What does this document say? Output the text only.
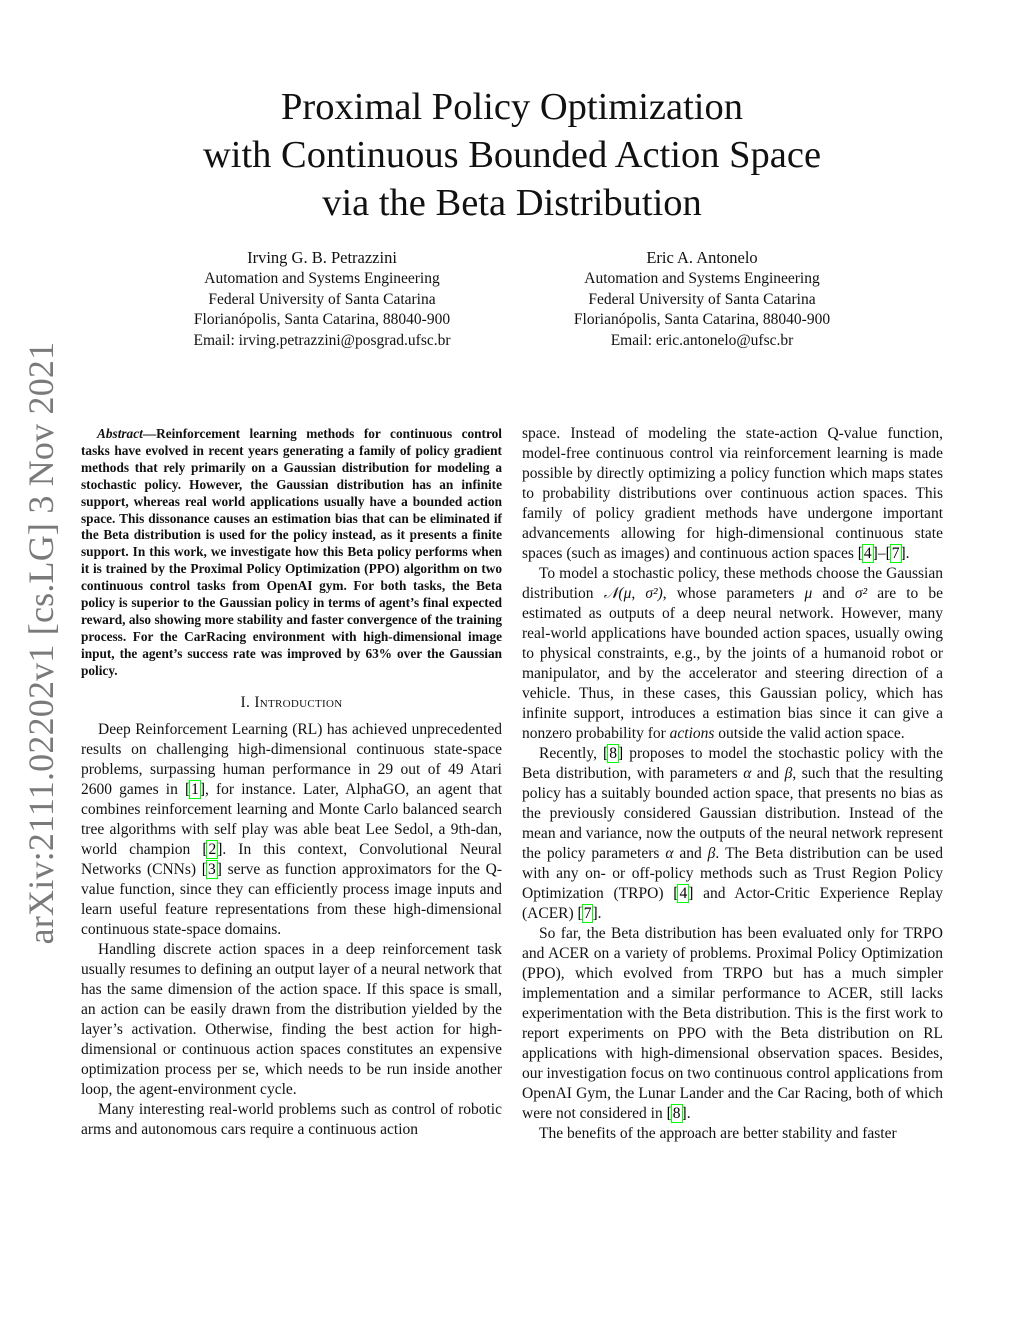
arXiv:2111.02202v1 [cs.LG] 3 Nov 2021
Proximal Policy Optimization
with Continuous Bounded Action Space
via the Beta Distribution
Irving G. B. Petrazzini
Automation and Systems Engineering
Federal University of Santa Catarina
Florianópolis, Santa Catarina, 88040-900
Email: irving.petrazzini@posgrad.ufsc.br
Eric A. Antonelo
Automation and Systems Engineering
Federal University of Santa Catarina
Florianópolis, Santa Catarina, 88040-900
Email: eric.antonelo@ufsc.br

Abstract—Reinforcement learning methods for continuous control tasks have evolved in recent years generating a family of policy gradient methods that rely primarily on a Gaussian distribution for modeling a stochastic policy. However, the Gaussian distribution has an infinite support, whereas real world applications usually have a bounded action space. This dissonance causes an estimation bias that can be eliminated if the Beta distribution is used for the policy instead, as it presents a finite support. In this work, we investigate how this Beta policy performs when it is trained by the Proximal Policy Optimization (PPO) algorithm on two continuous control tasks from OpenAI gym. For both tasks, the Beta policy is superior to the Gaussian policy in terms of agent’s final expected reward, also showing more stability and faster convergence of the training process. For the CarRacing environment with high-dimensional image input, the agent’s success rate was improved by 63% over the Gaussian policy.

I. Introduction

Deep Reinforcement Learning (RL) has achieved unprecedented results on challenging high-dimensional continuous state-space problems, surpassing human performance in 29 out of 49 Atari 2600 games in [1], for instance. Later, AlphaGO, an agent that combines reinforcement learning and Monte Carlo balanced search tree algorithms with self play was able beat Lee Sedol, a 9th-dan, world champion [2]. In this context, Convolutional Neural Networks (CNNs) [3] serve as function approximators for the Q-value function, since they can efficiently process image inputs and learn useful feature representations from these high-dimensional continuous state-space domains.

Handling discrete action spaces in a deep reinforcement task usually resumes to defining an output layer of a neural network that has the same dimension of the action space. If this space is small, an action can be easily drawn from the distribution yielded by the layer’s activation. Otherwise, finding the best action for high-dimensional or continuous action spaces constitutes an expensive optimization process per se, which needs to be run inside another loop, the agent-environment cycle.

Many interesting real-world problems such as control of robotic arms and autonomous cars require a continuous action

space. Instead of modeling the state-action Q-value function, model-free continuous control via reinforcement learning is made possible by directly optimizing a policy function which maps states to probability distributions over continuous action spaces. This family of policy gradient methods have undergone important advancements allowing for high-dimensional continuous state spaces (such as images) and continuous action spaces [4]–[7].

To model a stochastic policy, these methods choose the Gaussian distribution 𝒩(μ, σ²), whose parameters μ and σ² are to be estimated as outputs of a deep neural network. However, many real-world applications have bounded action spaces, usually owing to physical constraints, e.g., by the joints of a humanoid robot or manipulator, and by the accelerator and steering direction of a vehicle. Thus, in these cases, this Gaussian policy, which has infinite support, introduces a estimation bias since it can give a nonzero probability for actions outside the valid action space.

Recently, [8] proposes to model the stochastic policy with the Beta distribution, with parameters α and β, such that the resulting policy has a suitably bounded action space, that presents no bias as the previously considered Gaussian distribution. Instead of the mean and variance, now the outputs of the neural network represent the policy parameters α and β. The Beta distribution can be used with any on- or off-policy methods such as Trust Region Policy Optimization (TRPO) [4] and Actor-Critic Experience Replay (ACER) [7].

So far, the Beta distribution has been evaluated only for TRPO and ACER on a variety of problems. Proximal Policy Optimization (PPO), which evolved from TRPO but has a much simpler implementation and a similar performance to ACER, still lacks experimentation with the Beta distribution. This is the first work to report experiments on PPO with the Beta distribution on RL applications with high-dimensional observation spaces. Besides, our investigation focus on two continuous control applications from OpenAI Gym, the Lunar Lander and the Car Racing, both of which were not considered in [8].

The benefits of the approach are better stability and faster
